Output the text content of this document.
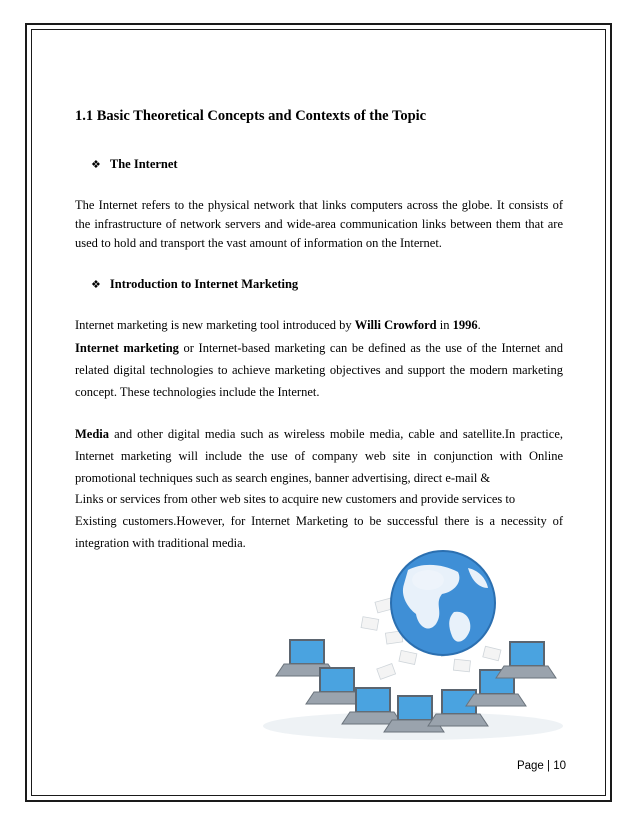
1.1 Basic Theoretical Concepts and Contexts of the Topic
❖ The Internet
The Internet refers to the physical network that links computers across the globe. It consists of the infrastructure of network servers and wide-area communication links between them that are used to hold and transport the vast amount of information on the Internet.
❖ Introduction to Internet Marketing
Internet marketing is new marketing tool introduced by Willi Crowford in 1996.
Internet marketing or Internet-based marketing can be defined as the use of the Internet and related digital technologies to achieve marketing objectives and support the modern marketing concept. These technologies include the Internet.
Media and other digital media such as wireless mobile media, cable and satellite.In practice, Internet marketing will include the use of company web site in conjunction with Online promotional techniques such as search engines, banner advertising, direct e-mail &
Links or services from other web sites to acquire new customers and provide services to
Existing customers.However, for Internet Marketing to be successful there is a necessity of integration with traditional media.
Page | 10
